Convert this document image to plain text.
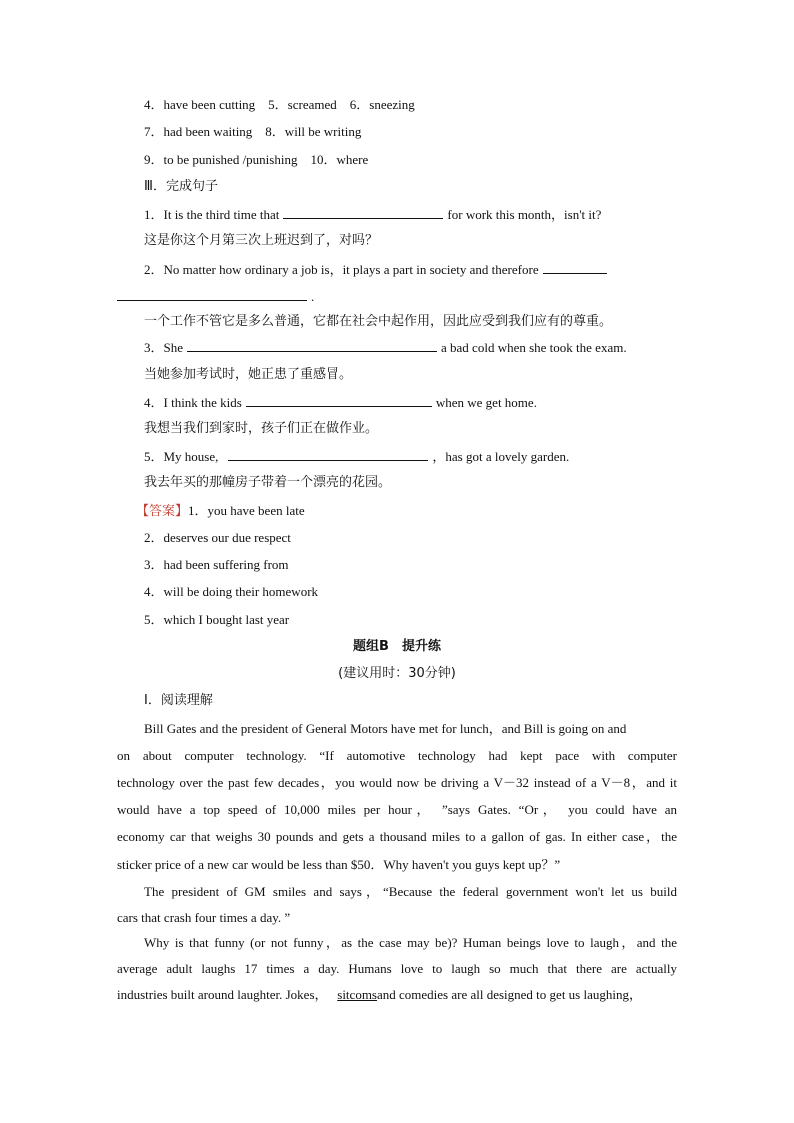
4．have been cutting　5．screamed　6．sneezing
7．had been waiting　8．will be writing
9．to be punished /punishing　10．where
Ⅲ．完成句子
1．It is the third time that	for work this month，isn't it?
这是你这个月第三次上班迟到了，对吗？
2．No matter how ordinary a job is，it plays a part in society and therefore
.
一个工作不管它是多么普通，它都在社会中起作用，因此应受到我们应有的尊重。
3．She	a bad cold when she took the exam.
当她参加考试时，她正患了重感冒。
4．I think the kids	when we get home.
我想当我们到家时，孩子们正在做作业。
5．My house,	，has got a lovely garden.
我去年买的那幢房子带着一个漂亮的花园。
【答案】1．you have been late
2．deserves our due respect
3．had been suffering from
4．will be doing their homework
5．which I bought last year
题组B　提升练
(建议用时：30分钟)
Ⅰ．阅读理解
Bill Gates and the president of General Motors have met for lunch，and Bill is going on and
on about computer technology. “If automotive technology had kept pace with computer
technology over the past few decades，you would now be driving a V－32 instead of a V－8，and it
would have a top speed of 10,000 miles per hour， ”says Gates. “Or， you could have an
economy car that weighs 30 pounds and gets a thousand miles to a gallon of gas. In either case，the
sticker price of a new car would be less than $50．Why haven't you guys kept up？”
The president of GM smiles and says，“Because the federal government won't let us build
cars that crash four times a day. ”
Why is that funny (or not funny，as the case may be)? Human beings love to laugh，and the
average adult laughs 17 times a day. Humans love to laugh so much that there are actually
industries built around laughter. Jokes， sitcomsand comedies are all designed to get us laughing，
